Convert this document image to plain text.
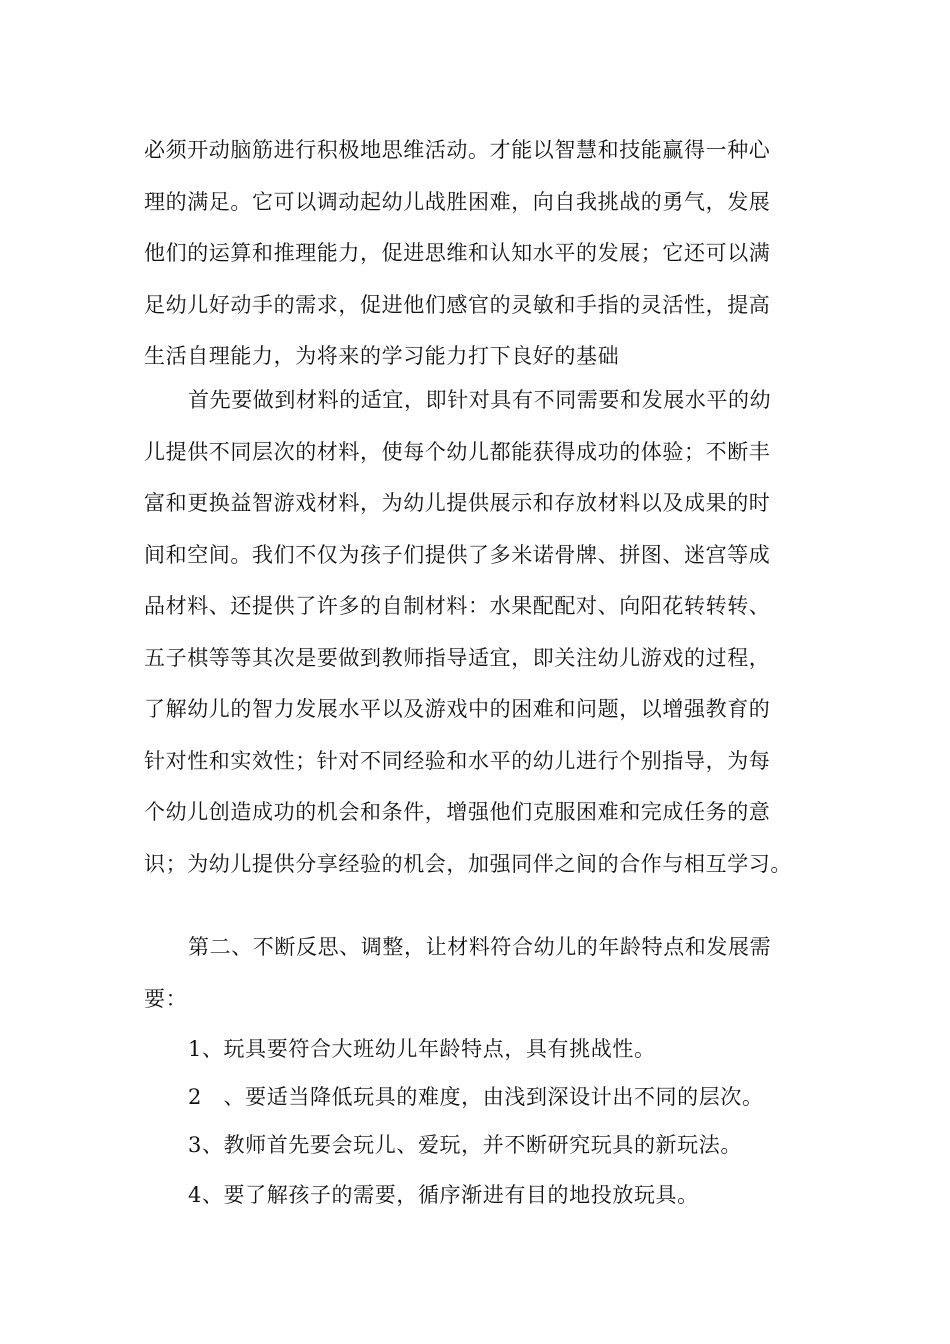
必须开动脑筋进行积极地思维活动。才能以智慧和技能赢得一种心
理的满足。它可以调动起幼儿战胜困难，向自我挑战的勇气，发展
他们的运算和推理能力，促进思维和认知水平的发展；它还可以满
足幼儿好动手的需求，促进他们感官的灵敏和手指的灵活性，提高
生活自理能力，为将来的学习能力打下良好的基础
首先要做到材料的适宜，即针对具有不同需要和发展水平的幼
儿提供不同层次的材料，使每个幼儿都能获得成功的体验；不断丰
富和更换益智游戏材料，为幼儿提供展示和存放材料以及成果的时
间和空间。我们不仅为孩子们提供了多米诺骨牌、拼图、迷宫等成
品材料、还提供了许多的自制材料：水果配配对、向阳花转转转、
五子棋等等其次是要做到教师指导适宜，即关注幼儿游戏的过程，
了解幼儿的智力发展水平以及游戏中的困难和问题，以增强教育的
针对性和实效性；针对不同经验和水平的幼儿进行个别指导，为每
个幼儿创造成功的机会和条件，增强他们克服困难和完成任务的意
识；为幼儿提供分享经验的机会，加强同伴之间的合作与相互学习。
第二、不断反思、调整，让材料符合幼儿的年龄特点和发展需
要：

1、玩具要符合大班幼儿年龄特点，具有挑战性。

2　、要适当降低玩具的难度，由浅到深设计出不同的层次。

3、教师首先要会玩儿、爱玩，并不断研究玩具的新玩法。

4、要了解孩子的需要，循序渐进有目的地投放玩具。
